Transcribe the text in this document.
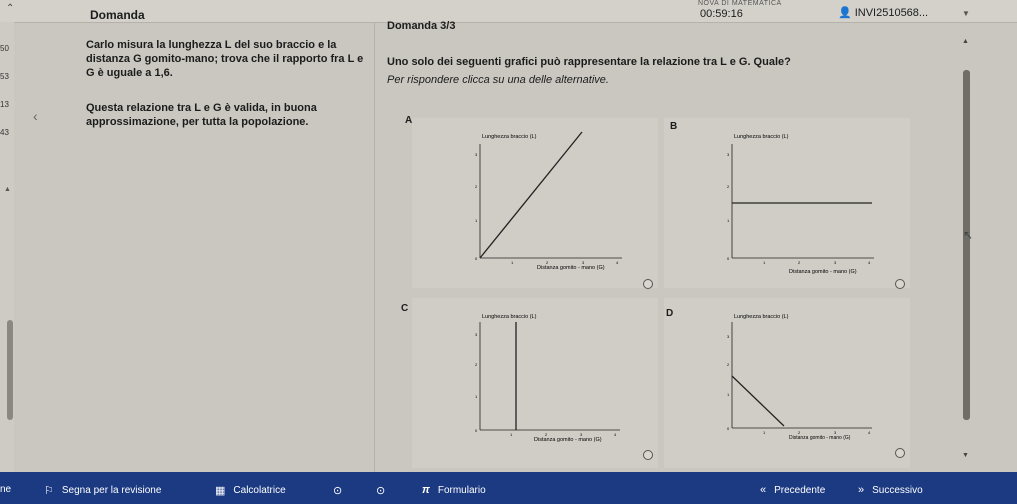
⌃	Domanda
NOVA DI MATEMATICA
00:59:16	👤 INVI2510568...	▼
50
53
13
43
▲
‹

Carlo misura la lunghezza L del suo braccio e la distanza G gomito-mano; trova che il rapporto fra L e G è uguale a 1,6.

Questa relazione tra L e G è valida, in buona approssimazione, per tutta la popolazione.

Domanda 3/3
Uno solo dei seguenti grafici può rappresentare la relazione tra L e G. Quale?
Per rispondere clicca su una delle alternative.
A
Lunghezza braccio (L)
Distanza gomito - mano (G)
0
1	2	3	4
1
2
3
B
Lunghezza braccio (L)
Distanza gomito - mano (G)
0
1	2	3	4
1
2
3
C
Lunghezza braccio (L)
Distanza gomito - mano (G)
0
1	2	3	4
1
2
3
D	Lunghezza braccio (L)
Distanza gomito - mano (G)
0
1	2	3	4
1
2
3
▲
▼
↖
ne	⚐ Segna per la revisione	▦ Calcolatrice	⊙	⊙	π Formulario	« Precedente	» Successivo
